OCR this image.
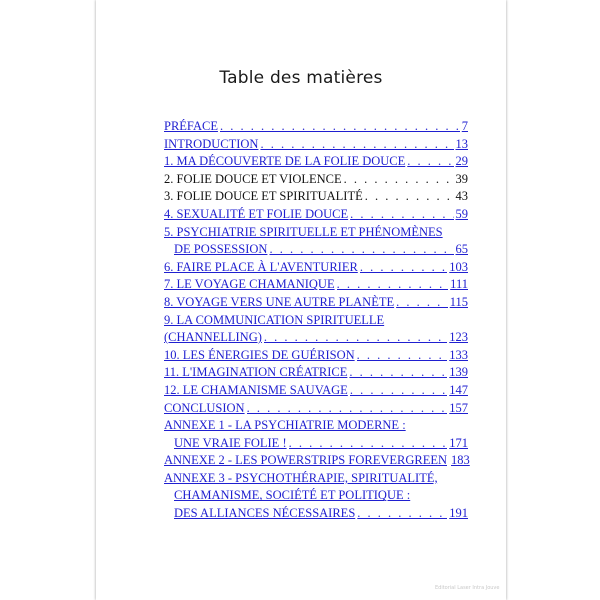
Table des matières
PRÉFACE . . .	7
INTRODUCTION . . .	13
1. MA DÉCOUVERTE DE LA FOLIE DOUCE . . .	29
2. FOLIE DOUCE ET VIOLENCE . . .	39
3. FOLIE DOUCE ET SPIRITUALITÉ . . .	43
4. SEXUALITÉ ET FOLIE DOUCE . . .	59
5. PSYCHIATRIE SPIRITUELLE ET PHÉNOMÈNES
DE POSSESSION . . .	65
6. FAIRE PLACE À L'AVENTURIER . . .	103
7. LE VOYAGE CHAMANIQUE . . .	111
8. VOYAGE VERS UNE AUTRE PLANÈTE . . .	115
9. LA COMMUNICATION SPIRITUELLE
(CHANNELLING) . . .	123
10. LES ÉNERGIES DE GUÉRISON . . .	133
11. L'IMAGINATION CRÉATRICE . . .	139
12. LE CHAMANISME SAUVAGE . . .	147
CONCLUSION . . .	157
ANNEXE 1 - LA PSYCHIATRIE MODERNE :
UNE VRAIE FOLIE ! . . .	171
ANNEXE 2 - LES POWERSTRIPS FOREVERGREEN 183
ANNEXE 3 - PSYCHOTHÉRAPIE, SPIRITUALITÉ,
CHAMANISME, SOCIÉTÉ ET POLITIQUE :
DES ALLIANCES NÉCESSAIRES . . .	191
Editorial Laser Intra Jouve
